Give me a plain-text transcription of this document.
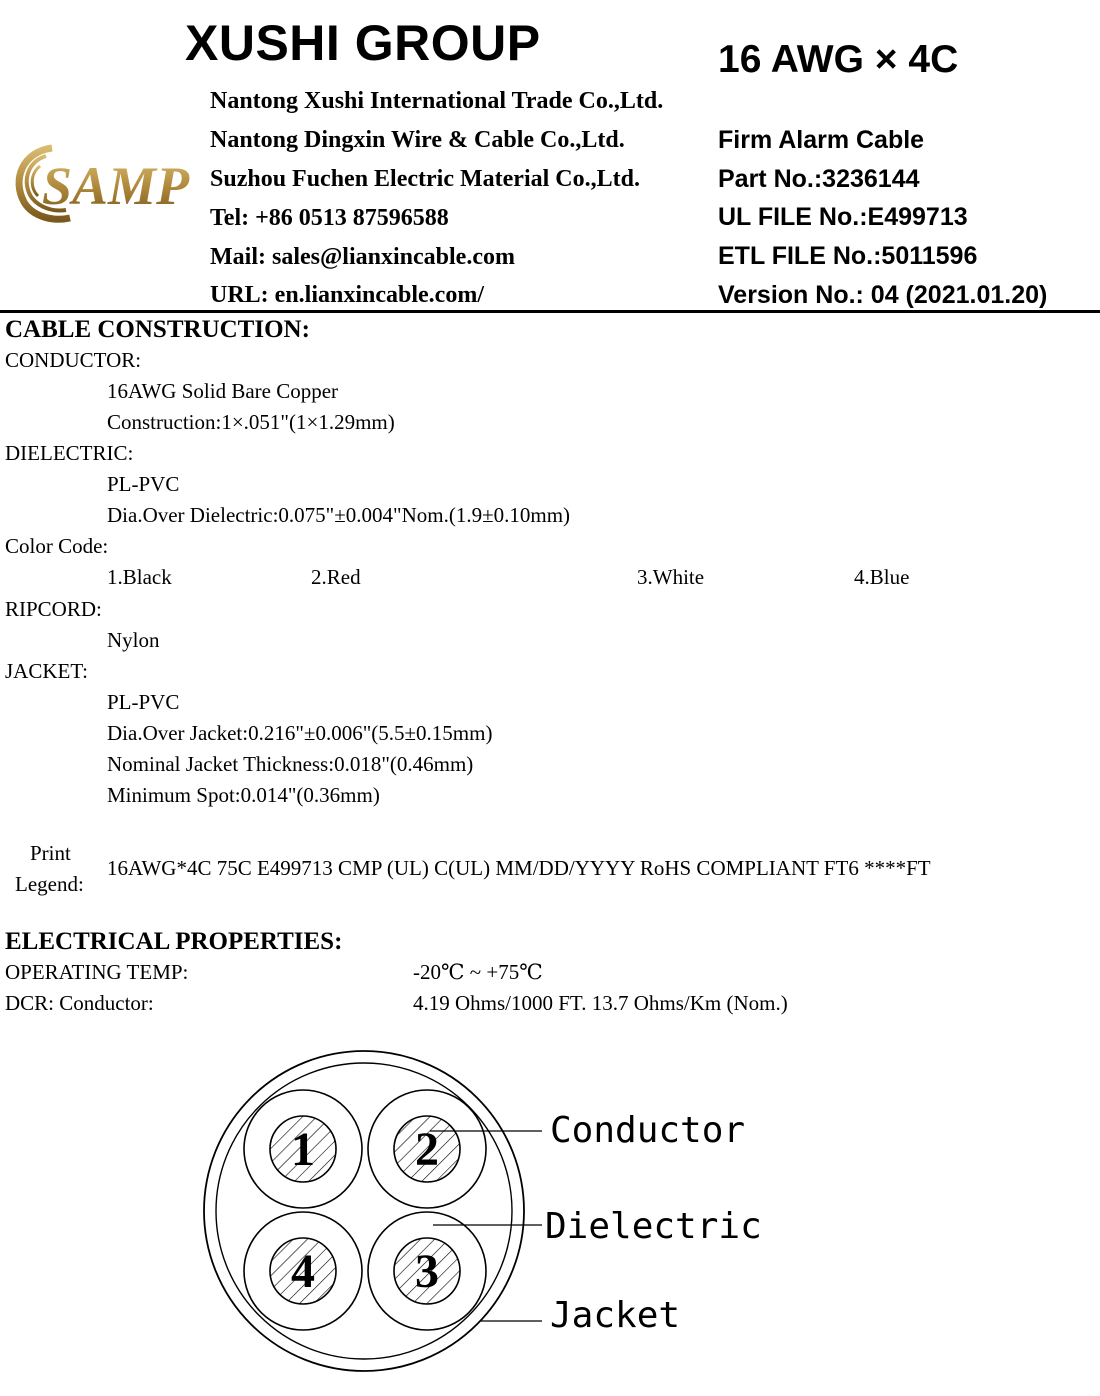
XUSHI GROUP	16 AWG × 4C
SAMP
Nantong Xushi International Trade Co.,Ltd.
Nantong Dingxin Wire & Cable Co.,Ltd.
Suzhou Fuchen Electric Material Co.,Ltd.
Tel: +86 0513 87596588
Mail: sales@lianxincable.com
URL: en.lianxincable.com/
Firm Alarm Cable
Part No.:3236144
UL FILE No.:E499713
ETL FILE No.:5011596
Version No.: 04 (2021.01.20)
CABLE CONSTRUCTION:
CONDUCTOR:
16AWG Solid Bare Copper
Construction:1×.051"(1×1.29mm)
DIELECTRIC:
PL-PVC
Dia.Over Dielectric:0.075"±0.004"Nom.(1.9±0.10mm)
Color Code:
1.Black	2.Red	3.White	4.Blue
RIPCORD:
Nylon
JACKET:
PL-PVC
Dia.Over Jacket:0.216"±0.006"(5.5±0.15mm)
Nominal Jacket Thickness:0.018"(0.46mm)
Minimum Spot:0.014"(0.36mm)
Print
Legend:
16AWG*4C 75C E499713 CMP (UL) C(UL) MM/DD/YYYY RoHS COMPLIANT FT6 ****FT
ELECTRICAL PROPERTIES:
OPERATING TEMP:	-20℃ ~ +75℃
DCR: Conductor:	4.19 Ohms/1000 FT. 13.7 Ohms/Km (Nom.)
1 2
3
4
Conductor
Dielectric
Jacket
